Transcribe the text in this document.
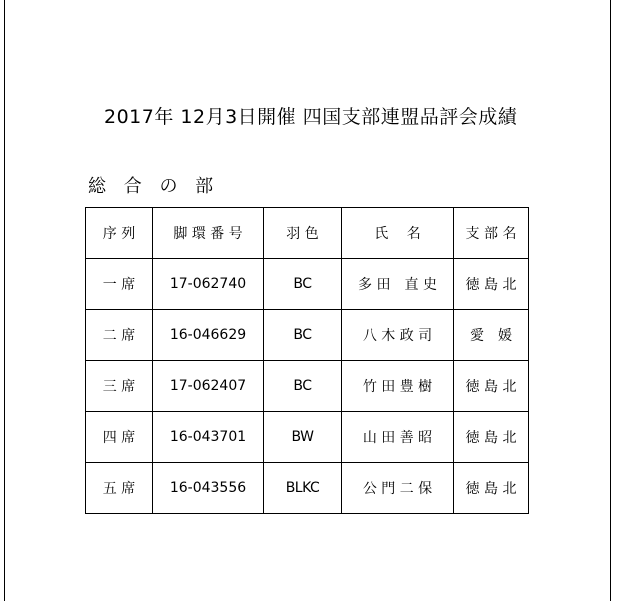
2017年 12月3日開催 四国支部連盟品評会成績
総 合 の 部
序 列	脚 環 番 号	羽 色	氏　 名	支 部 名
一 席	17-062740	BC	多 田　直 史	徳 島 北
二 席	16-046629	BC	八 木 政 司	愛　媛
三 席	17-062407	BC	竹 田 豊 樹	徳 島 北
四 席	16-043701	BW	山 田 善 昭	徳 島 北
五 席	16-043556	BLKC	公 門 二 保	徳 島 北
